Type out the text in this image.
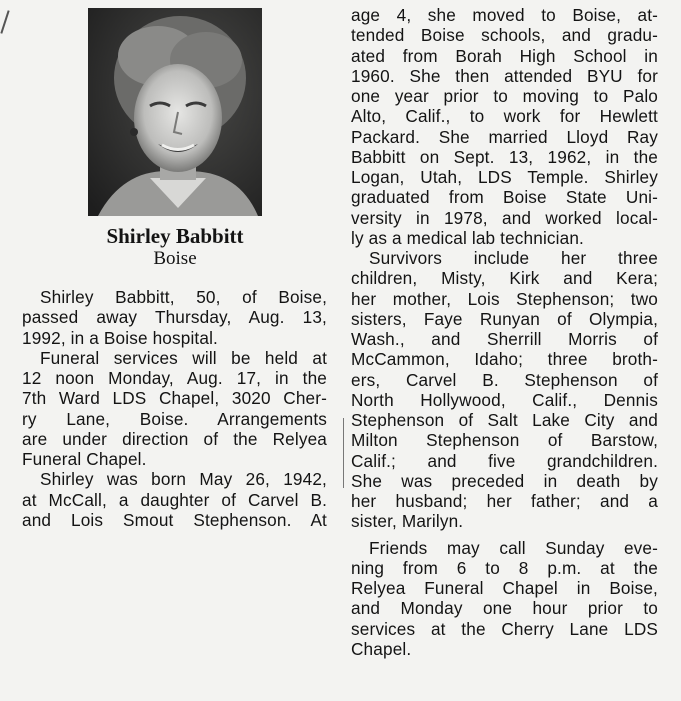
Shirley Babbitt
Boise
Shirley Babbitt, 50, of Boise,
passed away Thursday, Aug. 13,
1992, in a Boise hospital.
Funeral services will be held at
12 noon Monday, Aug. 17, in the
7th Ward LDS Chapel, 3020 Cher-
ry Lane, Boise. Arrangements
are under direction of the Relyea
Funeral Chapel.
Shirley was born May 26, 1942,
at McCall, a daughter of Carvel B.
and Lois Smout Stephenson. At
age 4, she moved to Boise, at-
tended Boise schools, and gradu-
ated from Borah High School in
1960. She then attended BYU for
one year prior to moving to Palo
Alto, Calif., to work for Hewlett
Packard. She married Lloyd Ray
Babbitt on Sept. 13, 1962, in the
Logan, Utah, LDS Temple. Shirley
graduated from Boise State Uni-
versity in 1978, and worked local-
ly as a medical lab technician.
Survivors include her three
children, Misty, Kirk and Kera;
her mother, Lois Stephenson; two
sisters, Faye Runyan of Olympia,
Wash., and Sherrill Morris of
McCammon, Idaho; three broth-
ers, Carvel B. Stephenson of
North Hollywood, Calif., Dennis
Stephenson of Salt Lake City and
Milton Stephenson of Barstow,
Calif.; and five grandchildren.
She was preceded in death by
her husband; her father; and a
sister, Marilyn.
Friends may call Sunday eve-
ning from 6 to 8 p.m. at the
Relyea Funeral Chapel in Boise,
and Monday one hour prior to
services at the Cherry Lane LDS
Chapel.
